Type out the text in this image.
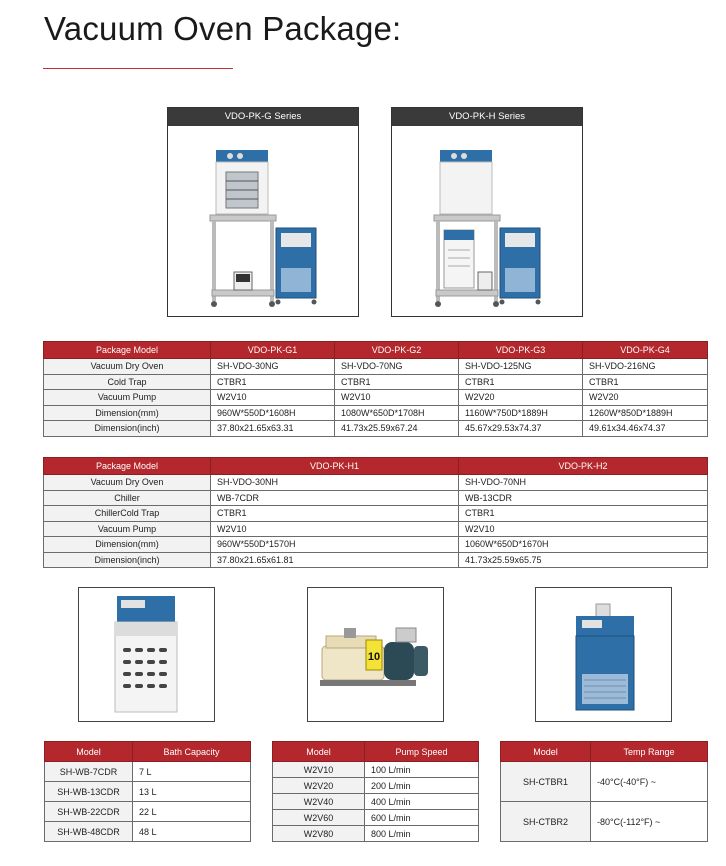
Vacuum Oven Package:
VDO-PK-G Series	VDO-PK-H Series
Package Model	VDO-PK-G1	VDO-PK-G2	VDO-PK-G3	VDO-PK-G4
Vacuum Dry Oven	SH-VDO-30NG	SH-VDO-70NG	SH-VDO-125NG	SH-VDO-216NG
Cold Trap	CTBR1	CTBR1	CTBR1	CTBR1
Vacuum Pump	W2V10	W2V10	W2V20	W2V20
Dimension(mm)	960W*550D*1608H	1080W*650D*1708H	1160W*750D*1889H	1260W*850D*1889H
Dimension(inch)	37.80x21.65x63.31	41.73x25.59x67.24	45.67x29.53x74.37	49.61x34.46x74.37
Package Model	VDO-PK-H1	VDO-PK-H2
Vacuum Dry Oven	SH-VDO-30NH	SH-VDO-70NH
Chiller	WB-7CDR	WB-13CDR
ChillerCold Trap	CTBR1	CTBR1
Vacuum Pump	W2V10	W2V10
Dimension(mm)	960W*550D*1570H	1060W*650D*1670H
Dimension(inch)	37.80x21.65x61.81	41.73x25.59x65.75
10
Model	Bath Capacity
SH-WB-7CDR	7 L
SH-WB-13CDR	13 L
SH-WB-22CDR	22 L
SH-WB-48CDR	48 L
Model	Pump Speed
W2V10	100 L/min
W2V20	200 L/min
W2V40	400 L/min
W2V60	600 L/min
W2V80	800 L/min
Model	Temp Range
SH-CTBR1	-40°C(-40°F) ~
SH-CTBR2	-80°C(-112°F) ~
